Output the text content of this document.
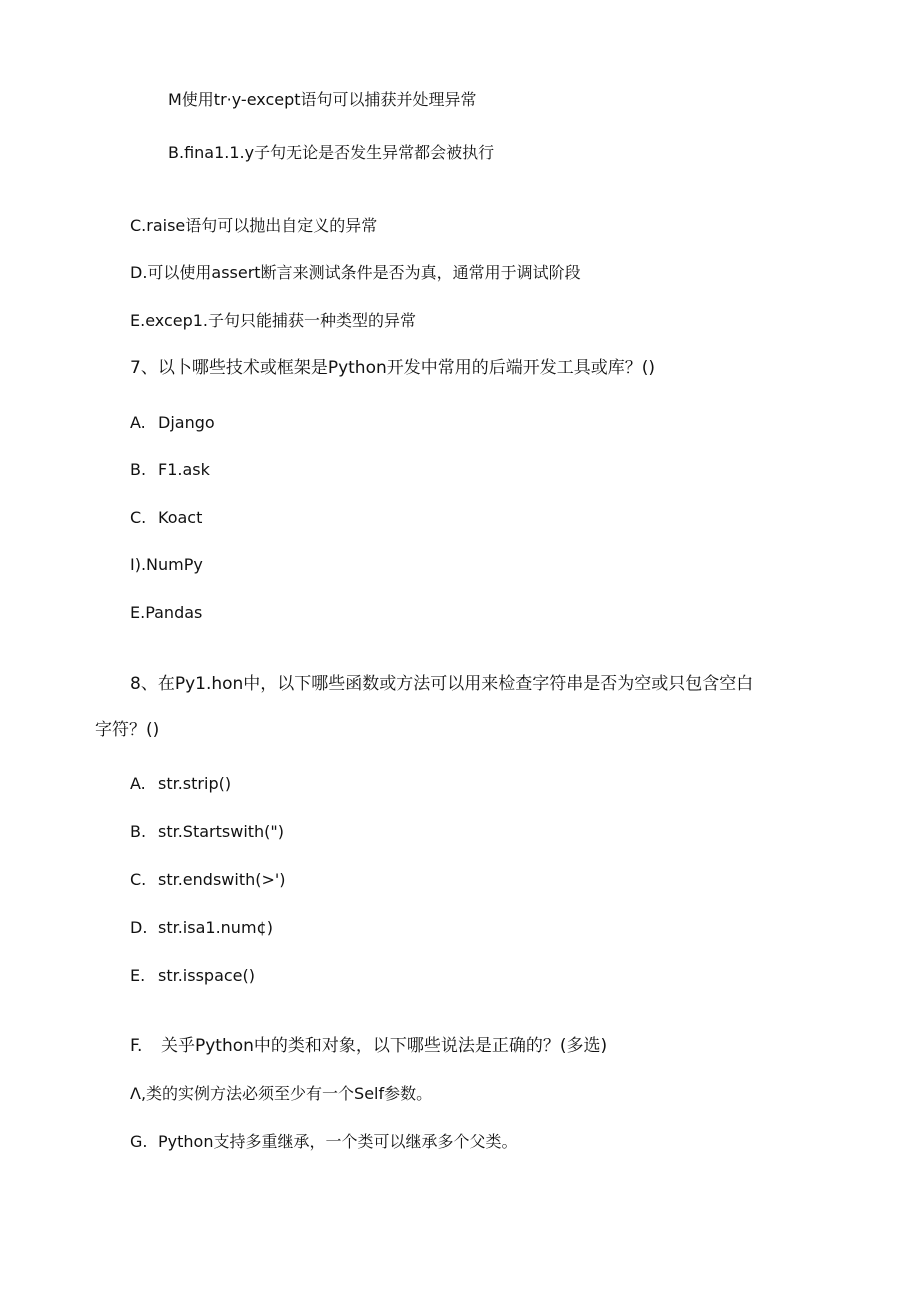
M使用tr·y-except语句可以捕获并处理异常
B.fina1.1.y子句无论是否发生异常都会被执行
C.raise语句可以抛出自定义的异常
D.可以使用assert断言来测试条件是否为真，通常用于调试阶段
E.excep1.子句只能捕获一种类型的异常
7、以卜哪些技术或框架是Python开发中常用的后端开发工具或库？()
A. Django
B. F1.ask
C. Koact
I).NumPy
E.Pandas
8、在Py1.hon中，以下哪些函数或方法可以用来检查字符串是否为空或只包含空白
字符？()
A. str.strip()
B. str.Startswith(")
C. str.endswith(>')
D. str.isa1.num¢)
E. str.isspace()
F. 关乎Python中的类和对象，以下哪些说法是正确的？(多选)
Λ,类的实例方法必须至少有一个Self参数。
G. Python支持多重继承，一个类可以继承多个父类。
